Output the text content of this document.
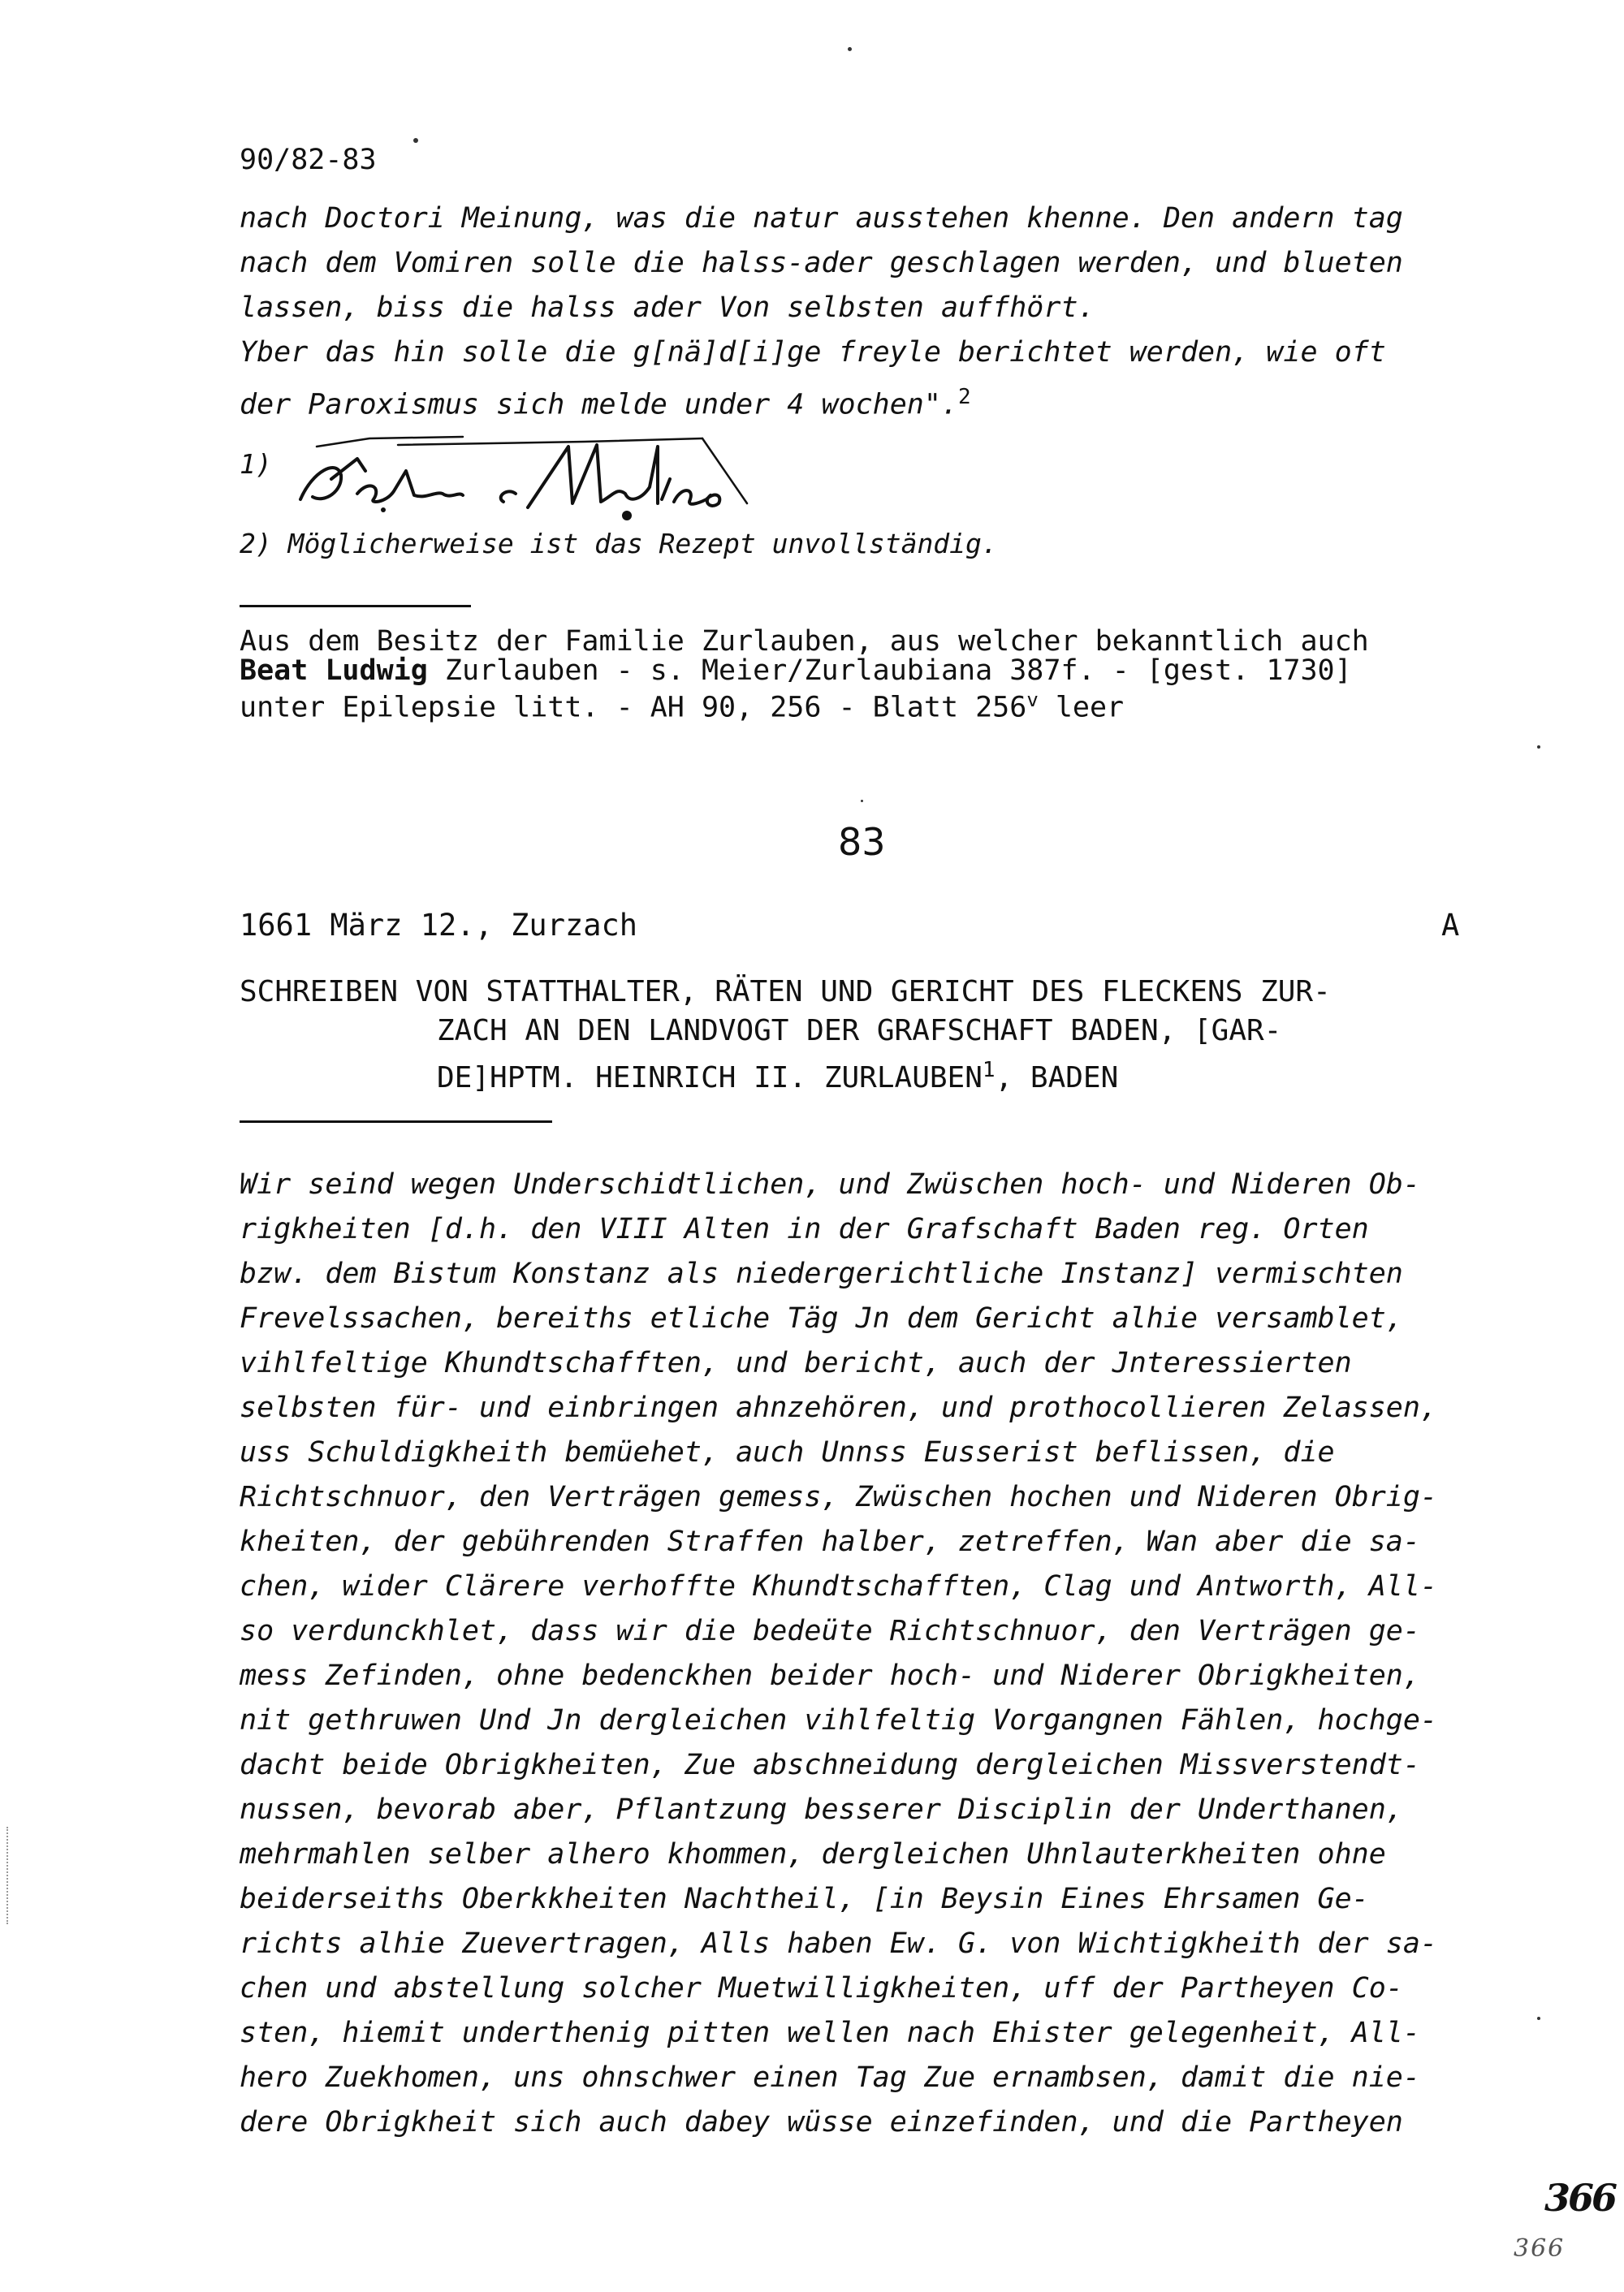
90/82-83
nach Doctori Meinung, was die natur ausstehen khenne. Den andern tag
nach dem Vomiren solle die halss-ader geschlagen werden, und blueten
lassen, biss die halss ader Von selbsten auffhört.
Yber das hin solle die g[nä]d[i]ge freyle berichtet werden, wie oft
der Paroxismus sich melde under 4 wochen".$^2$
1)
2) Möglicherweise ist das Rezept unvollständig.
Aus dem Besitz der Familie Zurlauben, aus welcher bekanntlich auch
Beat Ludwig Zurlauben - s. Meier/Zurlaubiana 387f. - [gest. 1730]
unter Epilepsie litt. - AH 90, 256 - Blatt 256$^v$ leer
83
1661 März 12., Zurzach	A
SCHREIBEN VON STATTHALTER, RÄTEN UND GERICHT DES FLECKENS ZUR-
ZACH AN DEN LANDVOGT DER GRAFSCHAFT BADEN, [GAR-
DE]HPTM. HEINRICH II. ZURLAUBEN$^1$, BADEN
Wir seind wegen Underschidtlichen, und Zwüschen hoch- und Nideren Ob-
rigkheiten [d.h. den VIII Alten in der Grafschaft Baden reg. Orten
bzw. dem Bistum Konstanz als niedergerichtliche Instanz] vermischten
Frevelssachen, bereiths etliche Täg Jn dem Gericht alhie versamblet,
vihlfeltige Khundtschafften, und bericht, auch der Jnteressierten
selbsten für- und einbringen ahnzehören, und prothocollieren Zelassen,
uss Schuldigkheith bemüehet, auch Unnss Eusserist beflissen, die
Richtschnuor, den Verträgen gemess, Zwüschen hochen und Nideren Obrig-
kheiten, der gebührenden Straffen halber, zetreffen, Wan aber die sa-
chen, wider Clärere verhoffte Khundtschafften, Clag und Antworth, All-
so verdunckhlet, dass wir die bedeüte Richtschnuor, den Verträgen ge-
mess Zefinden, ohne bedenckhen beider hoch- und Niderer Obrigkheiten,
nit gethruwen Und Jn dergleichen vihlfeltig Vorgangnen Fählen, hochge-
dacht beide Obrigkheiten, Zue abschneidung dergleichen Missverstendt-
nussen, bevorab aber, Pflantzung besserer Disciplin der Underthanen,
mehrmahlen selber alhero khommen, dergleichen Uhnlauterkheiten ohne
beiderseiths Oberkkheiten Nachtheil, [in Beysin Eines Ehrsamen Ge-
richts alhie Zuevertragen, Alls haben Ew. G. von Wichtigkheith der sa-
chen und abstellung solcher Muetwilligkheiten, uff der Partheyen Co-
sten, hiemit underthenig pitten wellen nach Ehister gelegenheit, All-
hero Zuekhomen, uns ohnschwer einen Tag Zue ernambsen, damit die nie-
dere Obrigkheit sich auch dabey wüsse einzefinden, und die Partheyen
366
366
